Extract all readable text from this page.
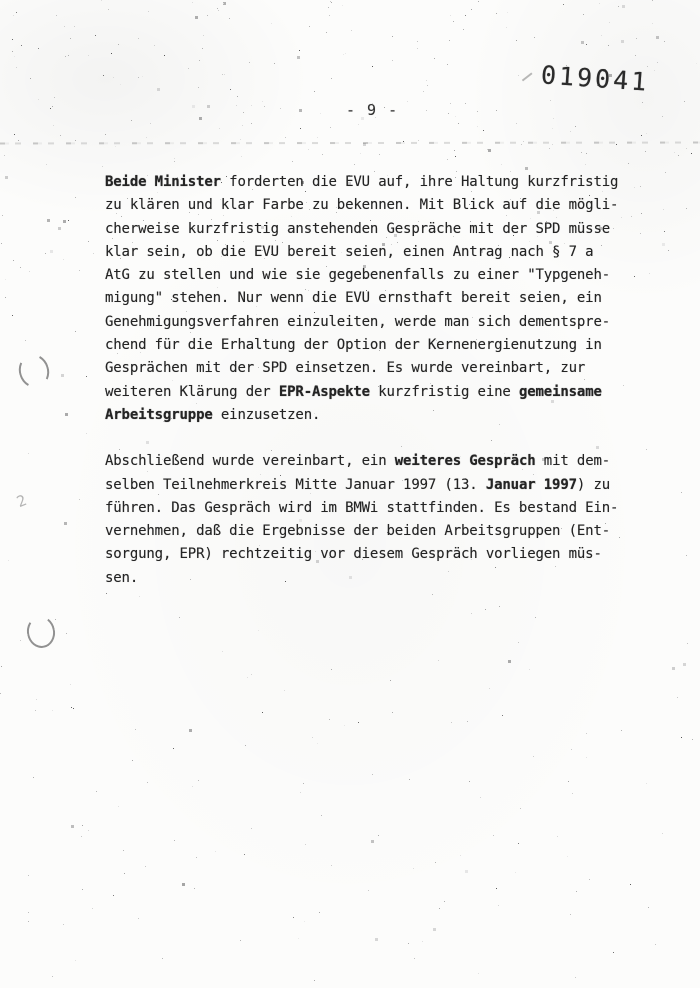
019041
- 9 -
2
Beide Minister forderten die EVU auf, ihre Haltung kurzfristig
zu klären und klar Farbe zu bekennen. Mit Blick auf die mögli-
cherweise kurzfristig anstehenden Gespräche mit der SPD müsse
klar sein, ob die EVU bereit seien, einen Antrag nach § 7 a
AtG zu stellen und wie sie gegebenenfalls zu einer "Typgeneh-
migung" stehen. Nur wenn die EVU ernsthaft bereit seien, ein
Genehmigungsverfahren einzuleiten, werde man sich dementspre-
chend für die Erhaltung der Option der Kernenergienutzung in
Gesprächen mit der SPD einsetzen. Es wurde vereinbart, zur
weiteren Klärung der EPR-Aspekte kurzfristig eine gemeinsame
Arbeitsgruppe einzusetzen.
Abschließend wurde vereinbart, ein weiteres Gespräch mit dem-
selben Teilnehmerkreis Mitte Januar 1997 (13. Januar 1997) zu
führen. Das Gespräch wird im BMWi stattfinden. Es bestand Ein-
vernehmen, daß die Ergebnisse der beiden Arbeitsgruppen (Ent-
sorgung, EPR) rechtzeitig vor diesem Gespräch vorliegen müs-
sen.
